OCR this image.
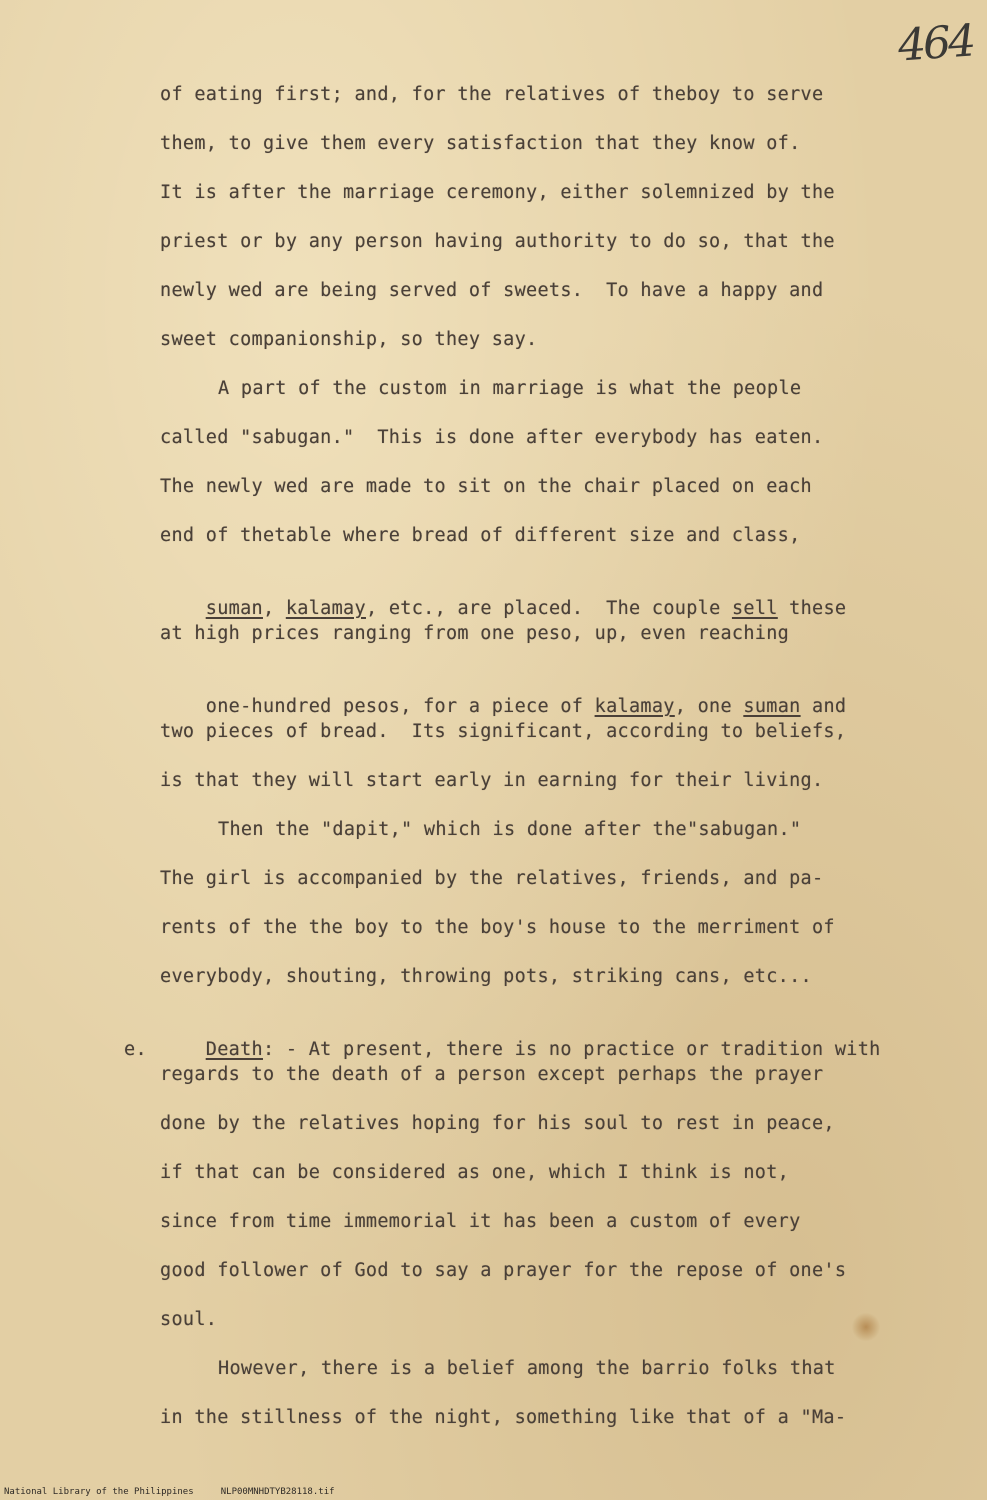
464
of eating first; and, for the relatives of theboy to serve
them, to give them every satisfaction that they know of.
It is after the marriage ceremony, either solemnized by the
priest or by any person having authority to do so, that the
newly wed are being served of sweets.  To have a happy and
sweet companionship, so they say.
A part of the custom in marriage is what the people
called "sabugan."  This is done after everybody has eaten.
The newly wed are made to sit on the chair placed on each
end of thetable where bread of different size and class,

suman, kalamay, etc., are placed.  The couple sell these

at high prices ranging from one peso, up, even reaching

one-hundred pesos, for a piece of kalamay, one suman and

two pieces of bread.  Its significant, according to beliefs,
is that they will start early in earning for their living.
Then the "dapit," which is done after the"sabugan."
The girl is accompanied by the relatives, friends, and pa-
rents of the the boy to the boy's house to the merriment of
everybody, shouting, throwing pots, striking cans, etc...

e.	Death: - At present, there is no practice or tradition with

regards to the death of a person except perhaps the prayer
done by the relatives hoping for his soul to rest in peace,
if that can be considered as one, which I think is not,
since from time immemorial it has been a custom of every
good follower of God to say a prayer for the repose of one's
soul.
However, there is a belief among the barrio folks that
in the stillness of the night, something like that of a "Ma-
National Library of the Philippines     NLP00MNHDTYB28118.tif
